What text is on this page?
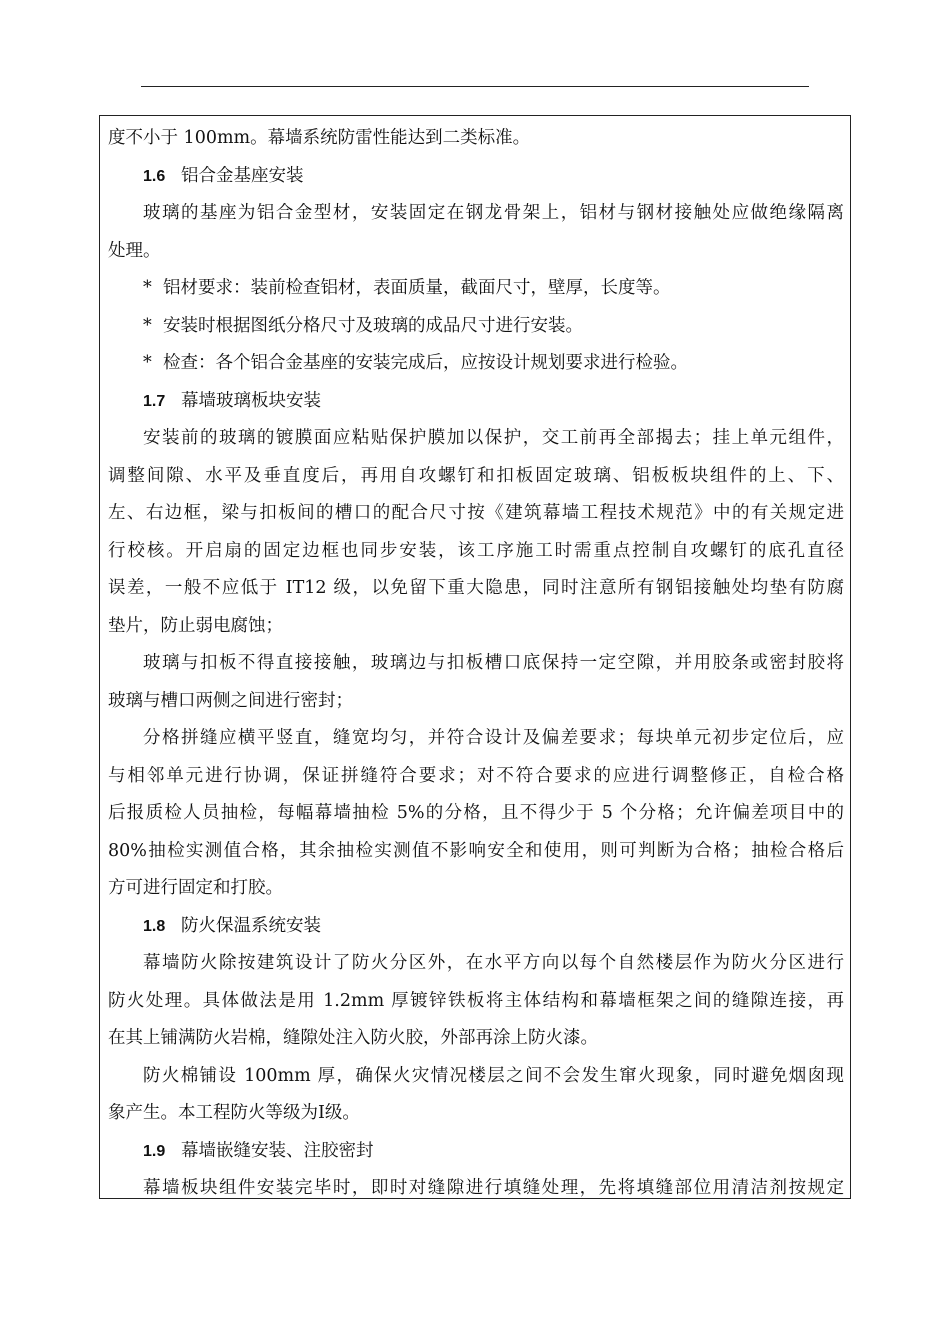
度不小于 100mm。幕墙系统防雷性能达到二类标准。
1.6 铝合金基座安装
玻璃的基座为铝合金型材，安装固定在钢龙骨架上，铝材与钢材接触处应做绝缘隔离
处理。
* 铝材要求：装前检查铝材，表面质量，截面尺寸，壁厚，长度等。
* 安装时根据图纸分格尺寸及玻璃的成品尺寸进行安装。
* 检查：各个铝合金基座的安装完成后，应按设计规划要求进行检验。
1.7 幕墙玻璃板块安装
安装前的玻璃的镀膜面应粘贴保护膜加以保护，交工前再全部揭去；挂上单元组件，
调整间隙、水平及垂直度后，再用自攻螺钉和扣板固定玻璃、铝板板块组件的上、下、
左、右边框，梁与扣板间的槽口的配合尺寸按《建筑幕墙工程技术规范》中的有关规定进
行校核。开启扇的固定边框也同步安装，该工序施工时需重点控制自攻螺钉的底孔直径
误差，一般不应低于 IT12 级，以免留下重大隐患，同时注意所有钢铝接触处均垫有防腐
垫片，防止弱电腐蚀；
玻璃与扣板不得直接接触，玻璃边与扣板槽口底保持一定空隙，并用胶条或密封胶将
玻璃与槽口两侧之间进行密封；
分格拼缝应横平竖直，缝宽均匀，并符合设计及偏差要求；每块单元初步定位后，应
与相邻单元进行协调，保证拼缝符合要求；对不符合要求的应进行调整修正，自检合格
后报质检人员抽检，每幅幕墙抽检 5%的分格，且不得少于 5 个分格；允许偏差项目中的
80%抽检实测值合格，其余抽检实测值不影响安全和使用，则可判断为合格；抽检合格后
方可进行固定和打胶。
1.8 防火保温系统安装
幕墙防火除按建筑设计了防火分区外，在水平方向以每个自然楼层作为防火分区进行
防火处理。具体做法是用 1.2mm 厚镀锌铁板将主体结构和幕墙框架之间的缝隙连接，再
在其上铺满防火岩棉，缝隙处注入防火胶，外部再涂上防火漆。
防火棉铺设 100mm 厚，确保火灾情况楼层之间不会发生窜火现象，同时避免烟囱现
象产生。本工程防火等级为Ⅰ级。
1.9 幕墙嵌缝安装、注胶密封
幕墙板块组件安装完毕时，即时对缝隙进行填缝处理，先将填缝部位用清洁剂按规定
